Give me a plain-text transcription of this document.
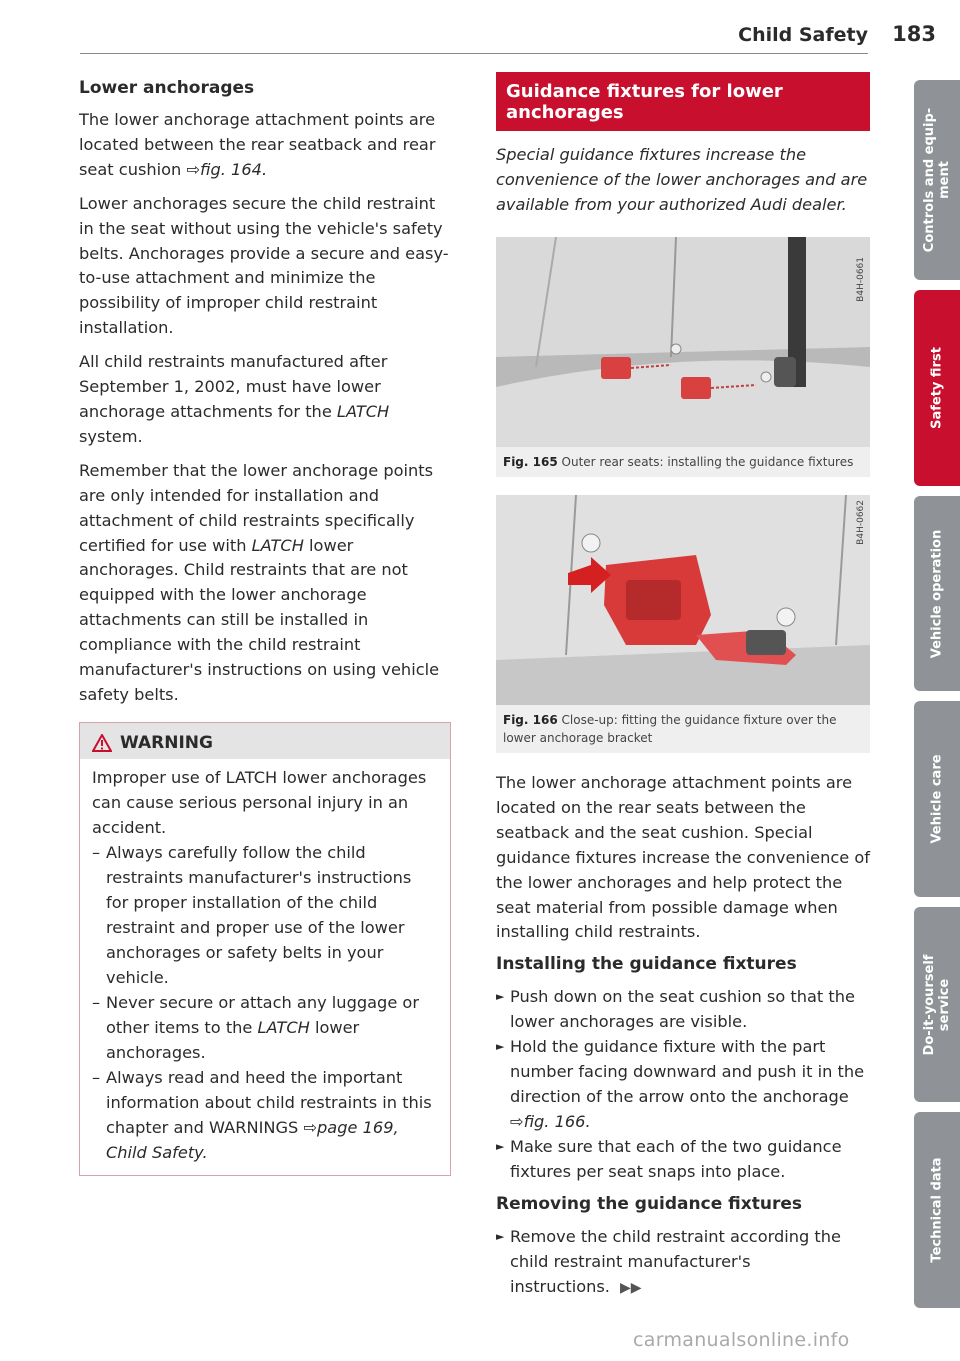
Child Safety 183
Lower anchorages

The lower anchorage attachment points are located between the rear seatback and rear seat cushion ⇨fig. 164.

Lower anchorages secure the child restraint in the seat without using the vehicle's safety belts. Anchorages provide a secure and easy-to-use attachment and minimize the possibility of improper child restraint installation.

All child restraints manufactured after September 1, 2002, must have lower anchorage attachments for the LATCH system.

Remember that the lower anchorage points are only intended for installation and attachment of child restraints specifically certified for use with LATCH lower anchorages. Child restraints that are not equipped with the lower anchorage attachments can still be installed in compliance with the child restraint manufacturer's instructions on using vehicle safety belts.

WARNING

Improper use of LATCH lower anchorages can cause serious personal injury in an accident.

– Always carefully follow the child restraints manufacturer's instructions for proper installation of the child restraint and proper use of the lower anchorages or safety belts in your vehicle.
– Never secure or attach any luggage or other items to the LATCH lower anchorages.
– Always read and heed the important information about child restraints in this chapter and WARNINGS ⇨page 169, Child Safety.
Guidance fixtures for lower anchorages

Special guidance fixtures increase the convenience of the lower anchorages and are available from your authorized Audi dealer.

B4H-0661
Fig. 165 Outer rear seats: installing the guidance fixtures
B4H-0662
Fig. 166 Close-up: fitting the guidance fixture over the lower anchorage bracket

The lower anchorage attachment points are located on the rear seats between the seatback and the seat cushion. Special guidance fixtures increase the convenience of the lower anchorages and help protect the seat material from possible damage when installing child restraints.

Installing the guidance fixtures
► Push down on the seat cushion so that the lower anchorages are visible.
► Hold the guidance fixture with the part number facing downward and push it in the direction of the arrow onto the anchorage ⇨fig. 166.
► Make sure that each of the two guidance fixtures per seat snaps into place.
Removing the guidance fixtures
► Remove the child restraint according the child restraint manufacturer's instructions. ▶▶
Controls and equip-
ment
Safety first
Vehicle operation
Vehicle care
Do-it-yourself
service
Technical data
carmanualsonline.info
